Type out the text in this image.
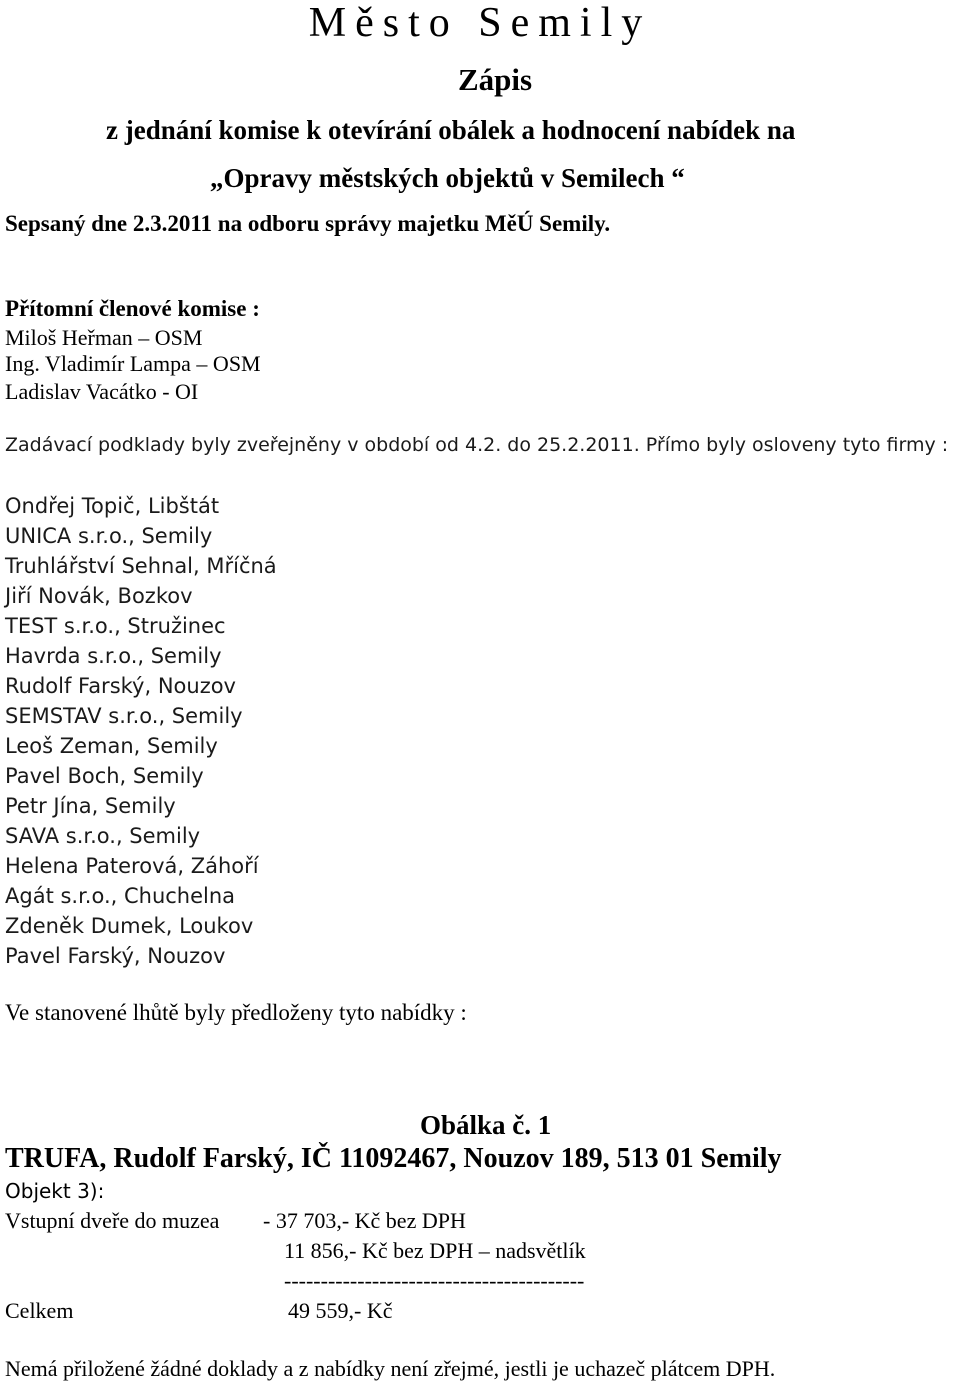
Město Semily
Zápis
z jednání komise k otevírání obálek a hodnocení nabídek na
„Opravy městských objektů v Semilech “
Sepsaný dne 2.3.2011 na odboru správy majetku MěÚ Semily.
Přítomní členové komise :
Miloš Heřman – OSM
Ing. Vladimír Lampa – OSM
Ladislav Vacátko - OI
Zadávací podklady byly zveřejněny v období od 4.2. do 25.2.2011. Přímo byly osloveny tyto firmy :
Ondřej Topič, Libštát
UNICA s.r.o., Semily
Truhlářství Sehnal, Mříčná
Jiří Novák, Bozkov
TEST s.r.o., Stružinec
Havrda s.r.o., Semily
Rudolf Farský, Nouzov
SEMSTAV s.r.o., Semily
Leoš Zeman, Semily
Pavel Boch, Semily
Petr Jína, Semily
SAVA s.r.o., Semily
Helena Paterová, Záhoří
Agát s.r.o., Chuchelna
Zdeněk Dumek, Loukov
Pavel Farský, Nouzov
Ve stanovené lhůtě byly předloženy tyto nabídky :
Obálka č. 1
TRUFA, Rudolf Farský, IČ 11092467, Nouzov 189, 513 01 Semily
Objekt 3):
Vstupní dveře do muzea - 37 703,- Kč bez DPH
11 856,- Kč bez DPH – nadsvětlík
-----------------------------------------
Celkem	49 559,- Kč
Nemá přiložené žádné doklady a z nabídky není zřejmé, jestli je uchazeč plátcem DPH.
